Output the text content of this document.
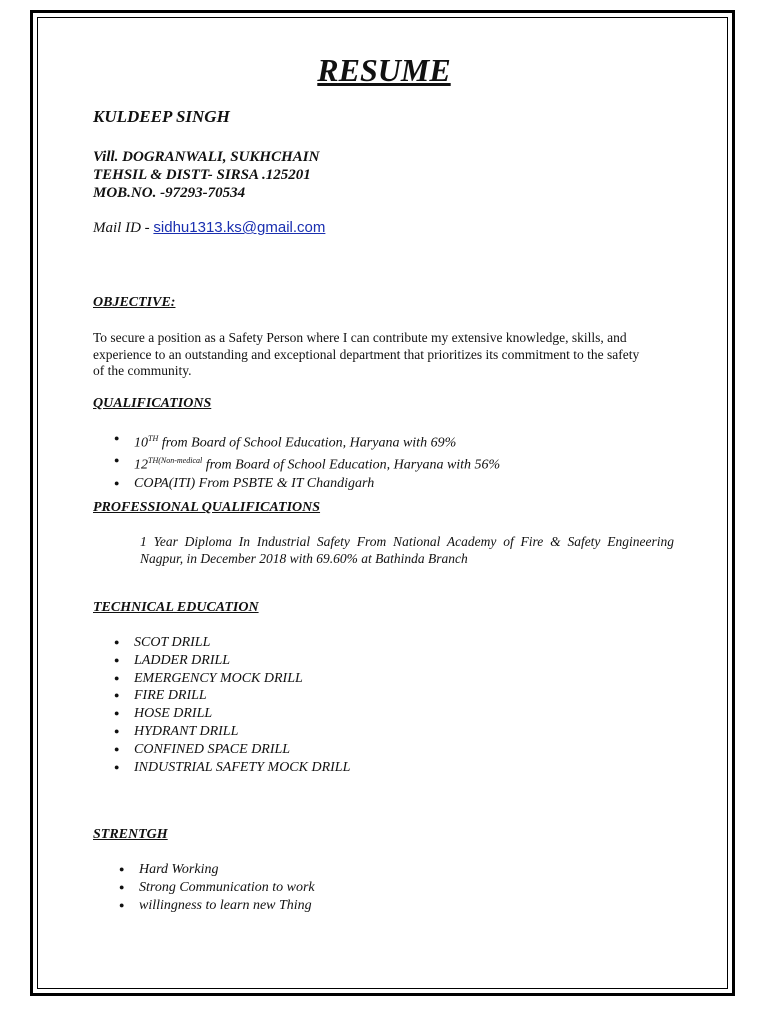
RESUME
KULDEEP SINGH
Vill. DOGRANWALI, SUKHCHAIN
TEHSIL & DISTT- SIRSA .125201
MOB.NO. -97293-70534
Mail ID - sidhu1313.ks@gmail.com
OBJECTIVE:
To secure a position as a Safety Person where I can contribute my extensive knowledge, skills, and experience to an outstanding and exceptional department that prioritizes its commitment to the safety of the community.
QUALIFICATIONS
● 10TH from Board of School Education, Haryana with 69%
● $12^{TH(Non-medical}$ from Board of School Education, Haryana with 56%
● COPA(ITI) From PSBTE & IT Chandigarh
PROFESSIONAL QUALIFICATIONS
1 Year Diploma In Industrial Safety From National Academy of Fire & Safety Engineering Nagpur, in December 2018 with 69.60% at Bathinda Branch
TECHNICAL EDUCATION
● SCOT DRILL
● LADDER DRILL
● EMERGENCY MOCK DRILL
● FIRE DRILL
● HOSE DRILL
● HYDRANT DRILL
● CONFINED SPACE DRILL
● INDUSTRIAL SAFETY MOCK DRILL
STRENTGH
● Hard Working
● Strong Communication to work
● willingness to learn new Thing
